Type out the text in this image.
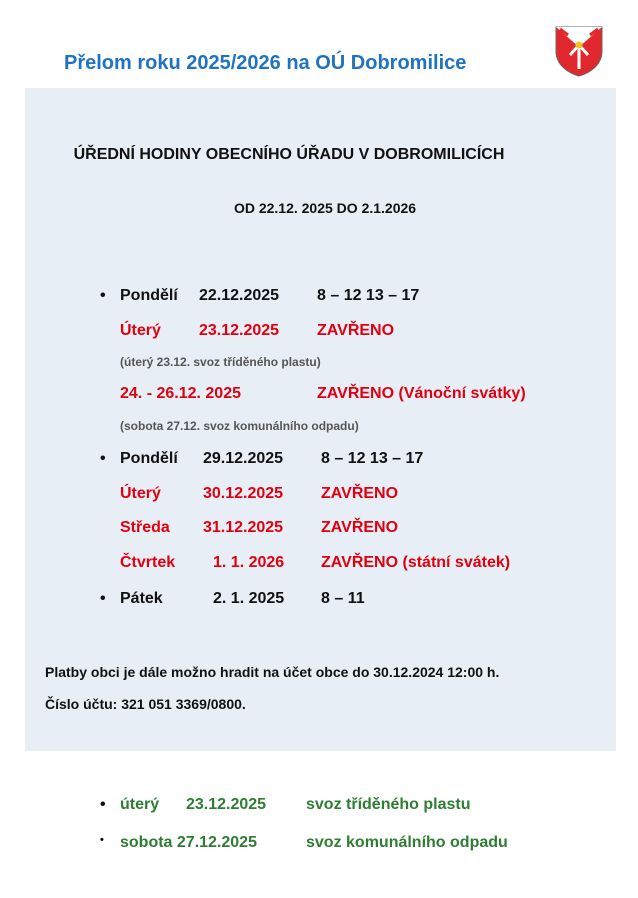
Přelom roku 2025/2026 na OÚ Dobromilice
ÚŘEDNÍ HODINY OBECNÍHO ÚŘADU V DOBROMILICÍCH
OD 22.12. 2025 DO 2.1.2026
• Pondělí 22.12.2025 8 – 12 13 – 17
Úterý 23.12.2025 ZAVŘENO
(úterý 23.12. svoz tříděného plastu)
24. - 26.12. 2025	ZAVŘENO (Vánoční svátky)
(sobota 27.12. svoz komunálního odpadu)
• Pondělí 29.12.2025 8 – 12 13 – 17
Úterý	30.12.2025 ZAVŘENO
Středa 31.12.2025 ZAVŘENO
Čtvrtek 1. 1. 2026 ZAVŘENO (státní svátek)
• Pátek	2. 1. 2025 8 – 11
Platby obci je dále možno hradit na účet obce do 30.12.2024 12:00 h.
Číslo účtu: 321 051 3369/0800.
• úterý 23.12.2025 svoz tříděného plastu
• sobota 27.12.2025	svoz komunálního odpadu
